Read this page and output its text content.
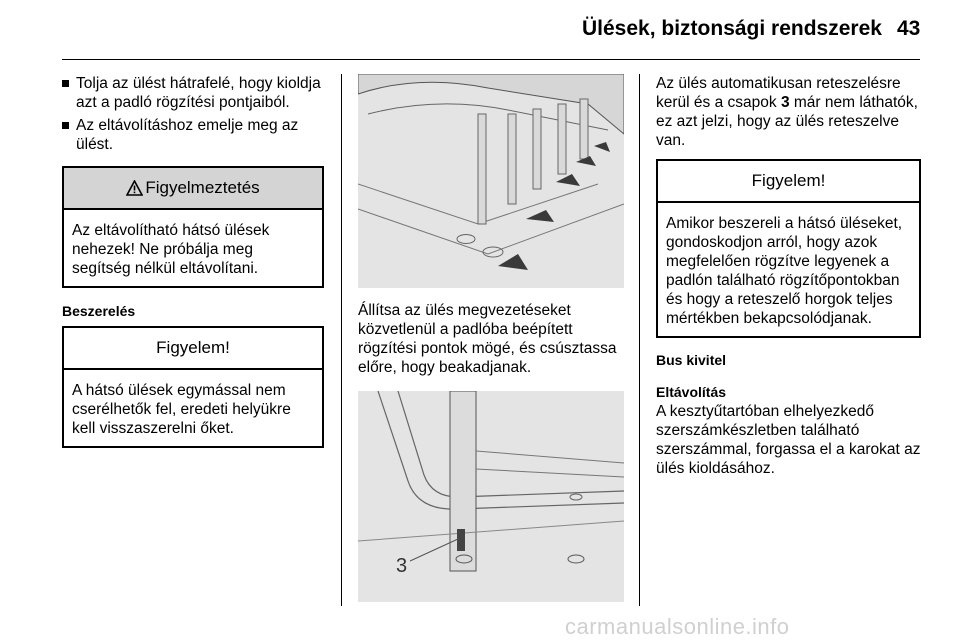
Ülések, biztonsági rendszerek 43
Tolja az ülést hátrafelé, hogy kioldja azt a padló rögzítési pontjaiból.
Az eltávolításhoz emelje meg az ülést.
Figyelmeztetés
Az eltávolítható hátsó ülések nehezek! Ne próbálja meg segítség nélkül eltávolítani.
Beszerelés
Figyelem!
A hátsó ülések egymással nem cserélhetők fel, eredeti helyükre kell visszaszerelni őket.
Állítsa az ülés megvezetéseket közvetlenül a padlóba beépített rögzítési pontok mögé, és csúsztassa előre, hogy beakadjanak.
3
Az ülés automatikusan reteszelésre kerül és a csapok 3 már nem láthatók, ez azt jelzi, hogy az ülés reteszelve van.
Figyelem!
Amikor beszereli a hátsó üléseket, gondoskodjon arról, hogy azok megfelelően rögzítve legyenek a padlón található rögzítőpontokban és hogy a reteszelő horgok teljes mértékben bekapcsolódjanak.
Bus kivitel
Eltávolítás
A kesztyűtartóban elhelyezkedő szerszámkészletben található szerszámmal, forgassa el a karokat az ülés kioldásához.
carmanualsonline.info
